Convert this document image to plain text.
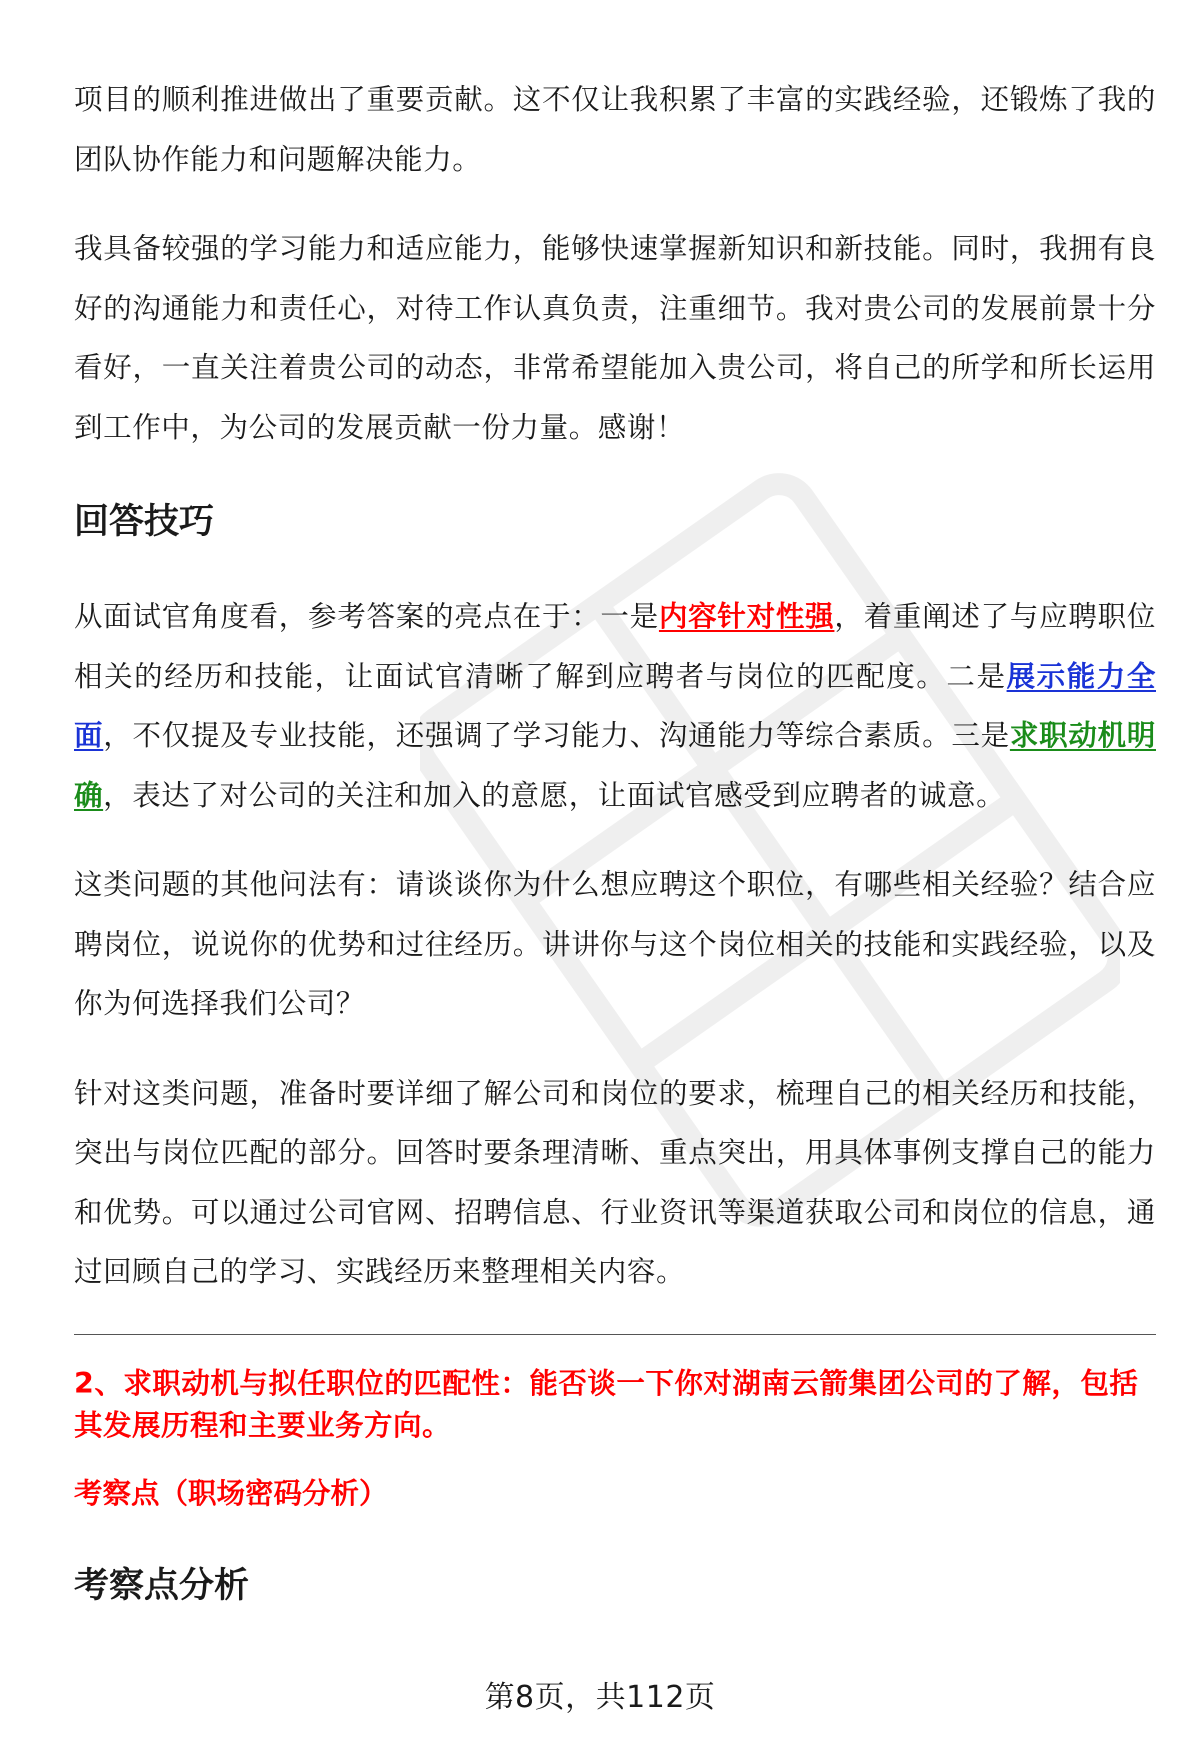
项目的顺利推进做出了重要贡献。这不仅让我积累了丰富的实践经验，还锻炼了我的团队协作能力和问题解决能力。

我具备较强的学习能力和适应能力，能够快速掌握新知识和新技能。同时，我拥有良好的沟通能力和责任心，对待工作认真负责，注重细节。我对贵公司的发展前景十分看好，一直关注着贵公司的动态，非常希望能加入贵公司，将自己的所学和所长运用到工作中，为公司的发展贡献一份力量。感谢！

回答技巧

从面试官角度看，参考答案的亮点在于：一是内容针对性强，着重阐述了与应聘职位相关的经历和技能，让面试官清晰了解到应聘者与岗位的匹配度。二是展示能力全面，不仅提及专业技能，还强调了学习能力、沟通能力等综合素质。三是求职动机明确，表达了对公司的关注和加入的意愿，让面试官感受到应聘者的诚意。

这类问题的其他问法有：请谈谈你为什么想应聘这个职位，有哪些相关经验？结合应聘岗位，说说你的优势和过往经历。讲讲你与这个岗位相关的技能和实践经验，以及你为何选择我们公司？

针对这类问题，准备时要详细了解公司和岗位的要求，梳理自己的相关经历和技能，突出与岗位匹配的部分。回答时要条理清晰、重点突出，用具体事例支撑自己的能力和优势。可以通过公司官网、招聘信息、行业资讯等渠道获取公司和岗位的信息，通过回顾自己的学习、实践经历来整理相关内容。

2、求职动机与拟任职位的匹配性：能否谈一下你对湖南云箭集团公司的了解，包括其发展历程和主要业务方向。

考察点（职场密码分析）

考察点分析
第8页，共112页
